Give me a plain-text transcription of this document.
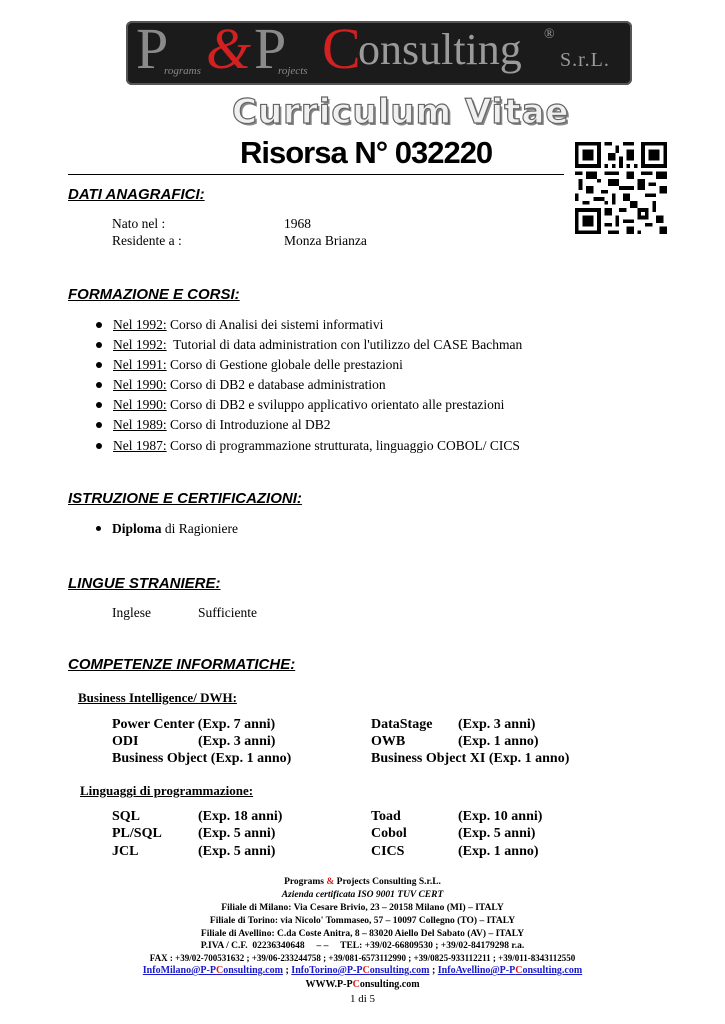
P
rograms & P
rojects C
onsulting ®
S.r.L.
Curriculum Vitae
Risorsa N° 032220
DATI ANAGRAFICI:
Nato nel :	1968
Residente a :	Monza Brianza
FORMAZIONE E CORSI:
Nel 1992: Corso di Analisi dei sistemi informativi
Nel 1992:  Tutorial di data administration con l'utilizzo del CASE Bachman
Nel 1991: Corso di Gestione globale delle prestazioni
Nel 1990: Corso di DB2 e database administration
Nel 1990: Corso di DB2 e sviluppo applicativo orientato alle prestazioni
Nel 1989: Corso di Introduzione al DB2
Nel 1987: Corso di programmazione strutturata, linguaggio COBOL/ CICS
ISTRUZIONE E CERTIFICAZIONI:
Diploma di Ragioniere
LINGUE STRANIERE:
Inglese	Sufficiente
COMPETENZE INFORMATICHE:
Business Intelligence/ DWH:
Power Center (Exp. 7 anni)	DataStage (Exp. 3 anni)
ODI	(Exp. 3 anni)	OWB	(Exp. 1 anno)
Business Object (Exp. 1 anno)	Business Object XI (Exp. 1 anno)
Linguaggi di programmazione:
SQL	(Exp. 18 anni)	Toad	(Exp. 10 anni)
PL/SQL	(Exp. 5 anni)	Cobol	(Exp. 5 anni)
JCL	(Exp. 5 anni)	CICS	(Exp. 1 anno)
Programs & Projects Consulting S.r.L.
Azienda certificata ISO 9001 TUV CERT
Filiale di Milano: Via Cesare Brivio, 23 – 20158 Milano (MI) – ITALY
Filiale di Torino: via Nicolo' Tommaseo, 57 – 10097 Collegno (TO) – ITALY
Filiale di Avellino: C.da Coste Anitra, 8 – 83020 Aiello Del Sabato (AV) – ITALY
P.IVA / C.F.  02236340648     – –     TEL: +39/02-66809530 ; +39/02-84179298 r.a.
FAX : +39/02-700531632 ; +39/06-233244758 ; +39/081-6573112990 ; +39/0825-933112211 ; +39/011-8343112550
InfoMilano@P-PConsulting.com ; InfoTorino@P-PConsulting.com ; InfoAvellino@P-PConsulting.com
WWW.P-PConsulting.com
1 di 5
